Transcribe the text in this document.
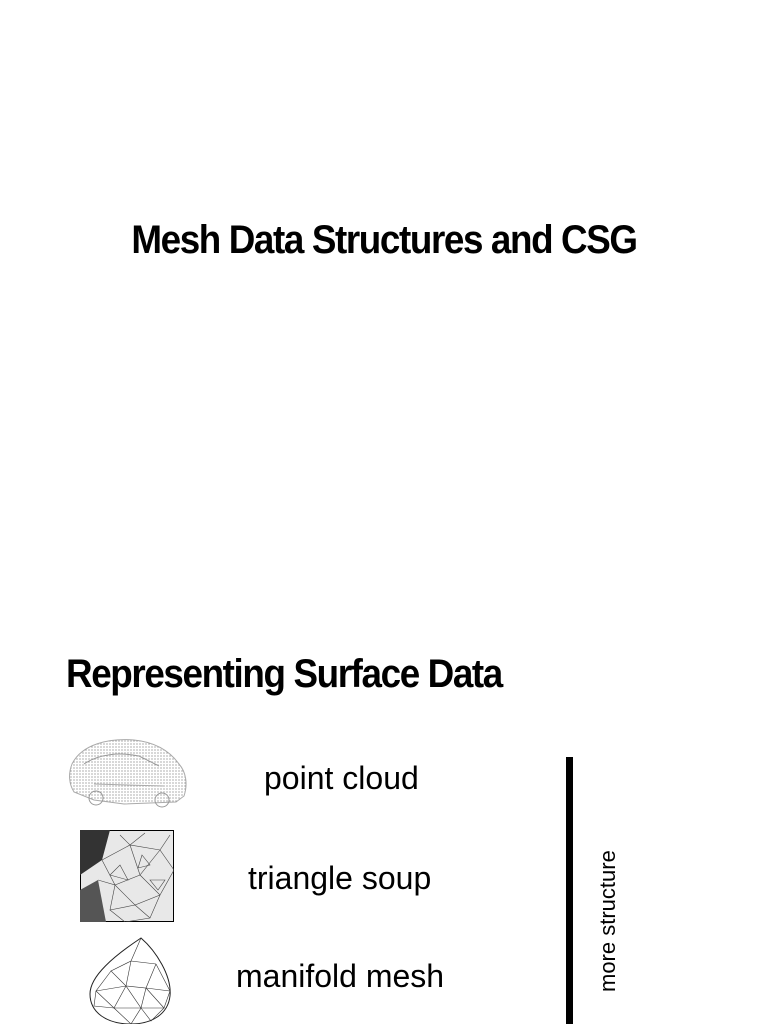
Mesh Data Structures and CSG
Representing Surface Data
point cloud
triangle soup
manifold mesh	more structure
